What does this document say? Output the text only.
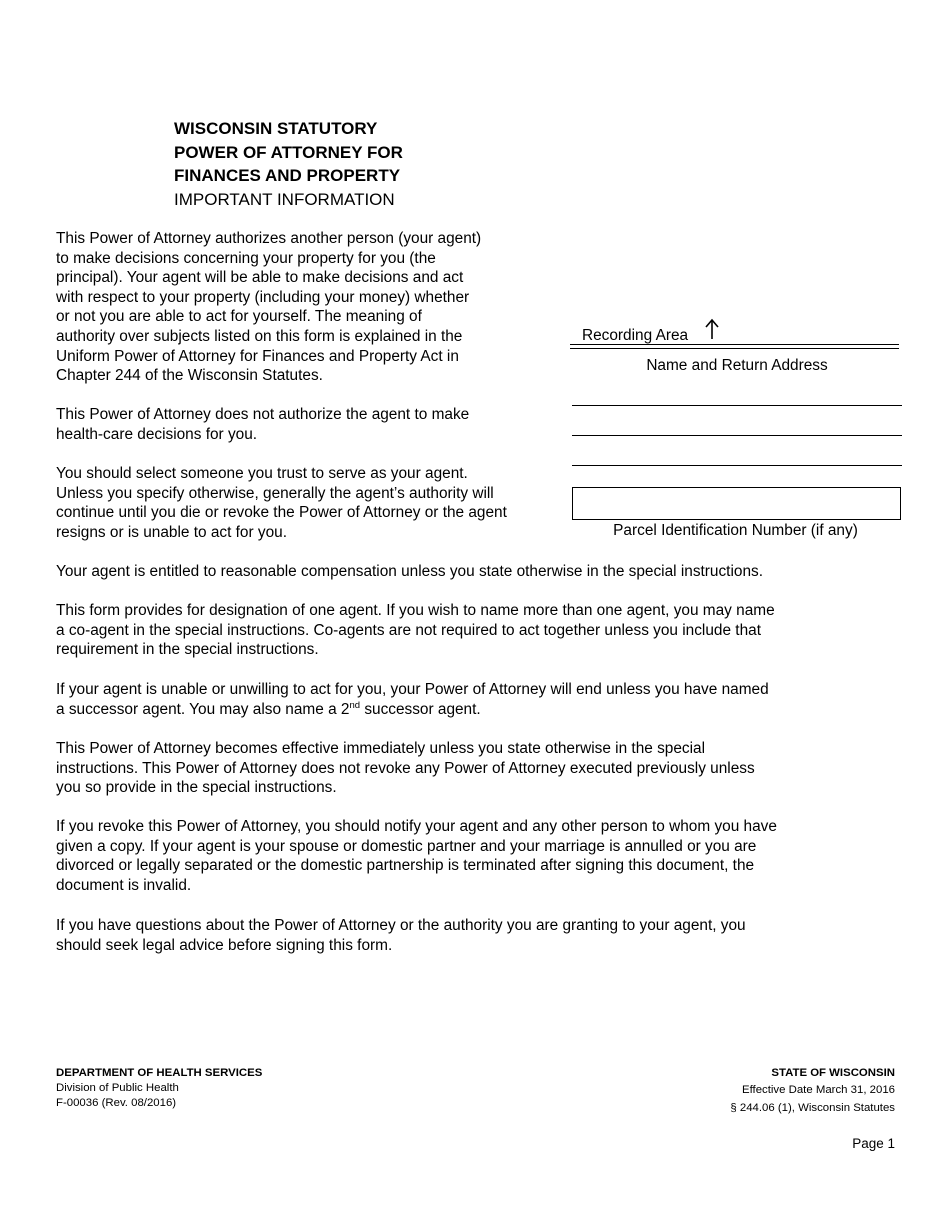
WISCONSIN STATUTORY
POWER OF ATTORNEY FOR
FINANCES AND PROPERTY
IMPORTANT INFORMATION
Recording Area
Name and Return Address
Parcel Identification Number (if any)
This Power of Attorney authorizes another person (your agent)
to make decisions concerning your property for you (the
principal). Your agent will be able to make decisions and act
with respect to your property (including your money) whether
or not you are able to act for yourself. The meaning of
authority over subjects listed on this form is explained in the
Uniform Power of Attorney for Finances and Property Act in
Chapter 244 of the Wisconsin Statutes.
This Power of Attorney does not authorize the agent to make
health-care decisions for you.
You should select someone you trust to serve as your agent.
Unless you specify otherwise, generally the agent’s authority will
continue until you die or revoke the Power of Attorney or the agent
resigns or is unable to act for you.
Your agent is entitled to reasonable compensation unless you state otherwise in the special instructions.
This form provides for designation of one agent. If you wish to name more than one agent, you may name
a co-agent in the special instructions. Co-agents are not required to act together unless you include that
requirement in the special instructions.
If your agent is unable or unwilling to act for you, your Power of Attorney will end unless you have named
a successor agent. You may also name a 2nd successor agent.
This Power of Attorney becomes effective immediately unless you state otherwise in the special
instructions. This Power of Attorney does not revoke any Power of Attorney executed previously unless
you so provide in the special instructions.
If you revoke this Power of Attorney, you should notify your agent and any other person to whom you have
given a copy. If your agent is your spouse or domestic partner and your marriage is annulled or you are
divorced or legally separated or the domestic partnership is terminated after signing this document, the
document is invalid.
If you have questions about the Power of Attorney or the authority you are granting to your agent, you
should seek legal advice before signing this form.
DEPARTMENT OF HEALTH SERVICES
Division of Public Health
F-00036 (Rev. 08/2016)
STATE OF WISCONSIN
Effective Date March 31, 2016
§ 244.06 (1), Wisconsin Statutes
Page 1
